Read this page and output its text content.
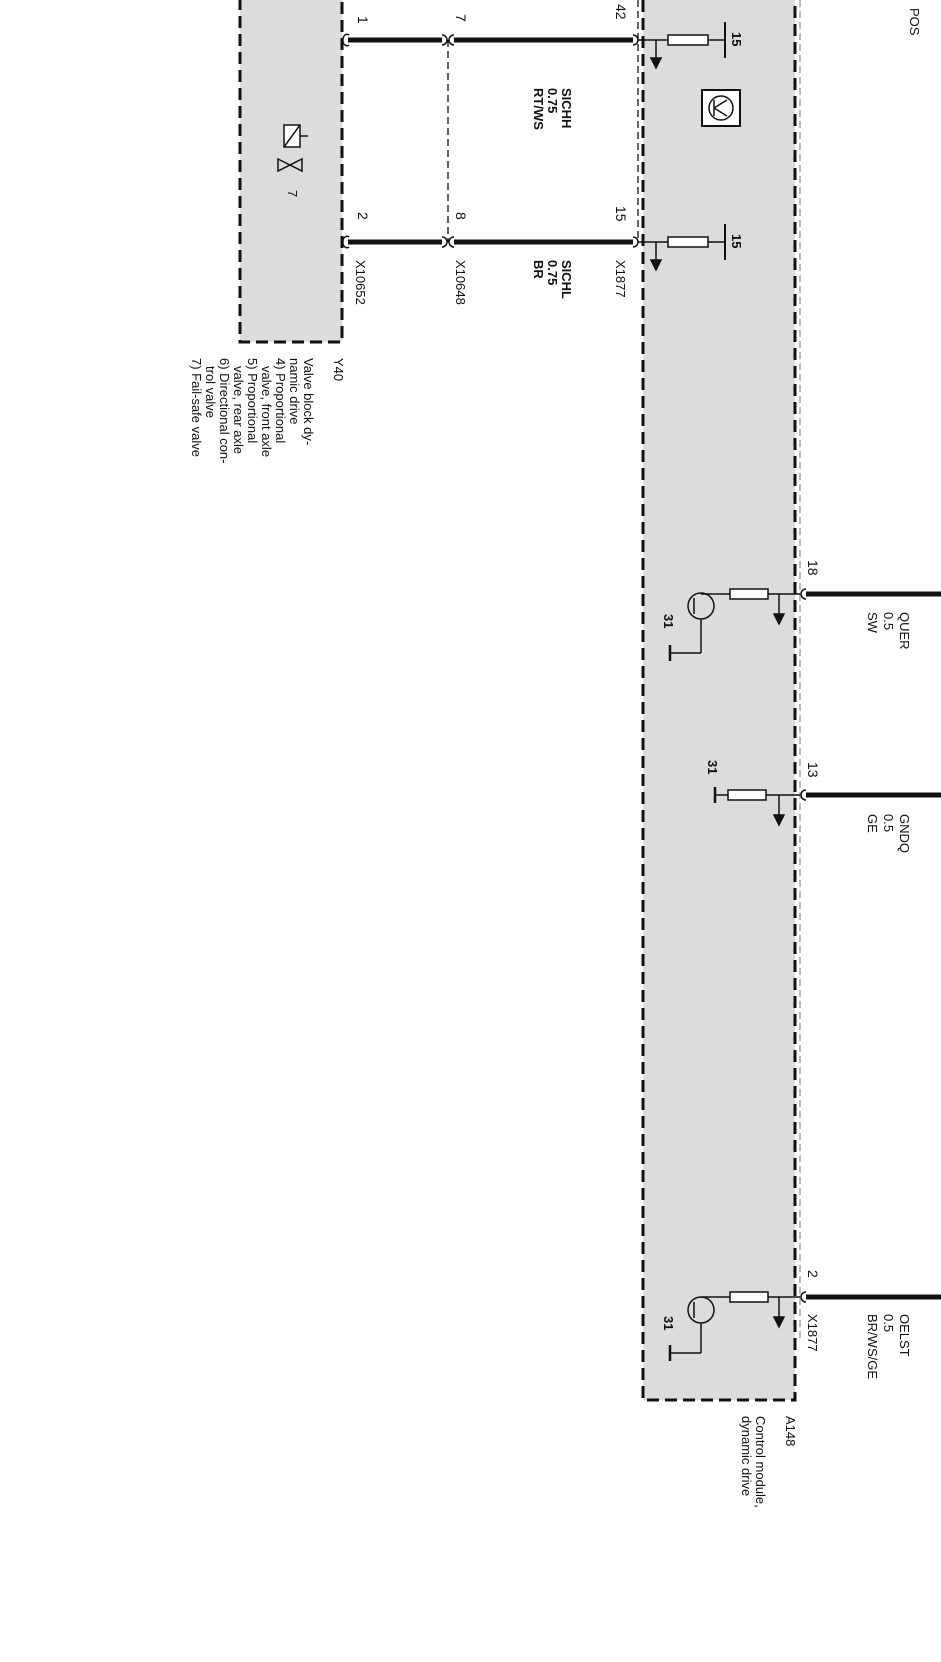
POS
1	7	42
2	8	15
18
13
2
15
15
31
31
31
7
SICHH
0.75
RT/WS
SICHL
0.75
BR
QUER
0.5
SW
GNDQ
0.5
GE
OELST
0.5
BR/WS/GE
X10652	X10648	X1877
X1877
Y40
Valve block dy-
namic drive
4) Proportional
valve, front axle
5) Proportional
valve, rear axle
6) Directional con-
trol valve
7) Fail-safe valve
A148
Control module,
dynamic drive
